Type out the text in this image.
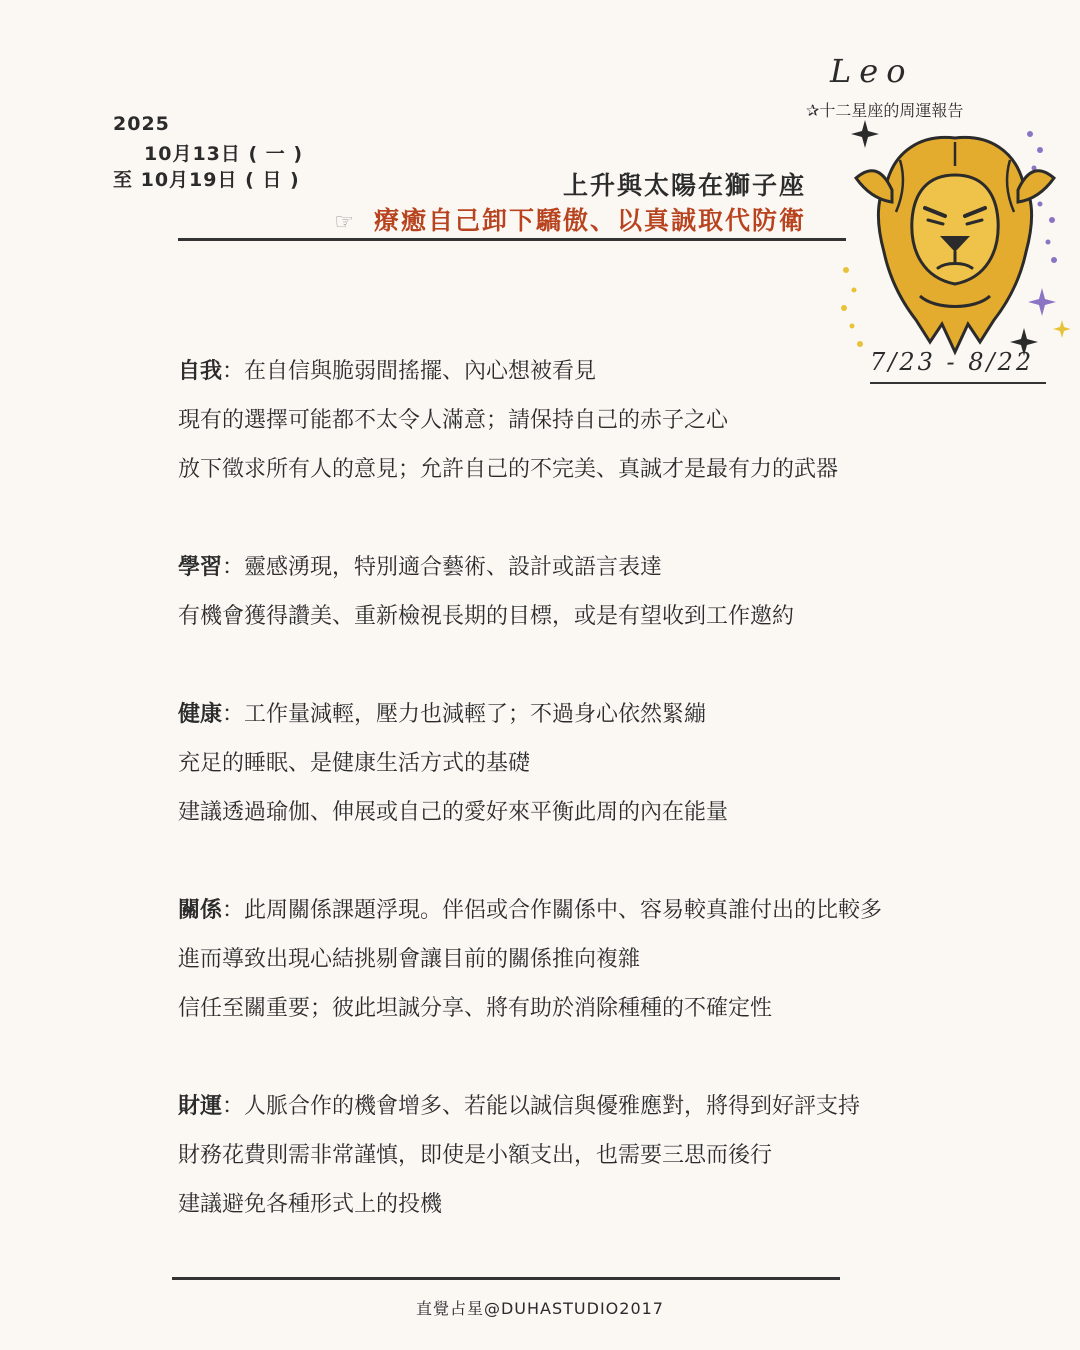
2025
10月13日 ( 一 )
至 10月19日 ( 日 )	上升與太陽在獅子座
☞ 療癒自己卸下驕傲、以真誠取代防衛
Leo
✰十二星座的周運報告
7/23 - 8/22
自我：在自信與脆弱間搖擺、內心想被看見
現有的選擇可能都不太令人滿意；請保持自己的赤子之心
放下徵求所有人的意見；允許自己的不完美、真誠才是最有力的武器
學習：靈感湧現，特別適合藝術、設計或語言表達
有機會獲得讚美、重新檢視長期的目標，或是有望收到工作邀約
健康：工作量減輕，壓力也減輕了；不過身心依然緊繃
充足的睡眠、是健康生活方式的基礎
建議透過瑜伽、伸展或自己的愛好來平衡此周的內在能量
關係：此周關係課題浮現。伴侶或合作關係中、容易較真誰付出的比較多
進而導致出現心結挑剔會讓目前的關係推向複雜
信任至關重要；彼此坦誠分享、將有助於消除種種的不確定性
財運：人脈合作的機會增多、若能以誠信與優雅應對，將得到好評支持
財務花費則需非常謹慎，即使是小額支出，也需要三思而後行
建議避免各種形式上的投機
直覺占星@DUHASTUDIO2017
